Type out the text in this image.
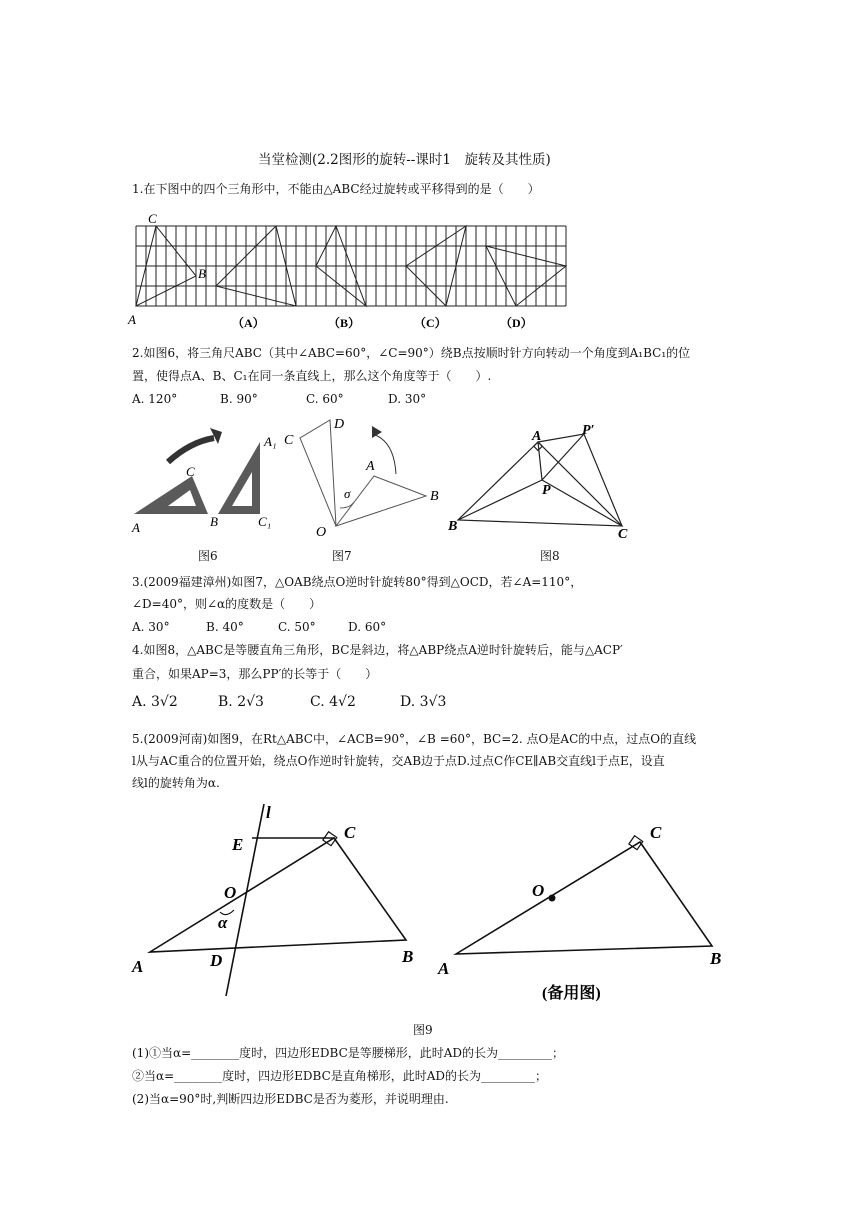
当堂检测(2.2图形的旋转--课时1　旋转及其性质)
1.在下图中的四个三角形中，不能由△ABC经过旋转或平移得到的是（　　）
C
B
A	（A）	（B）	（C）	（D）
2.如图6，将三角尺ABC（其中∠ABC=60°，∠C=90°）绕B点按顺时针方向转动一个角度到A₁BC₁的位
置，使得点A、B、C₁在同一条直线上，那么这个角度等于（　　）.
A. 120°	B. 90°	C. 60°	D. 30°
A₁
C
A	B	C₁
D
C
A
B
O
σ
A	P′
P
B
C
图6	图7	图8
3.(2009福建漳州)如图7，△OAB绕点O逆时针旋转80°得到△OCD，若∠A=110°，
∠D=40°，则∠α的度数是（　　）
A. 30°	B. 40°	C. 50°	D. 60°
4.如图8，△ABC是等腰直角三角形，BC是斜边，将△ABP绕点A逆时针旋转后，能与△ACP′
重合，如果AP=3，那么PP′的长等于（　　）
A. 3√2	B. 2√3	C. 4√2	D. 3√3
5.(2009河南)如图9，在Rt△ABC中，∠ACB=90°，∠B =60°，BC=2. 点O是AC的中点，过点O的直线
l从与AC重合的位置开始，绕点O作逆时针旋转，交AB边于点D.过点C作CE∥AB交直线l于点E，设直
线l的旋转角为α.
l
E
C
O
α
A	D	B
O
C
A
B
(备用图)
图9
(1)①当α=________度时，四边形EDBC是等腰梯形，此时AD的长为_________；
②当α=________度时，四边形EDBC是直角梯形，此时AD的长为_________；
(2)当α=90°时,判断四边形EDBC是否为菱形，并说明理由.
